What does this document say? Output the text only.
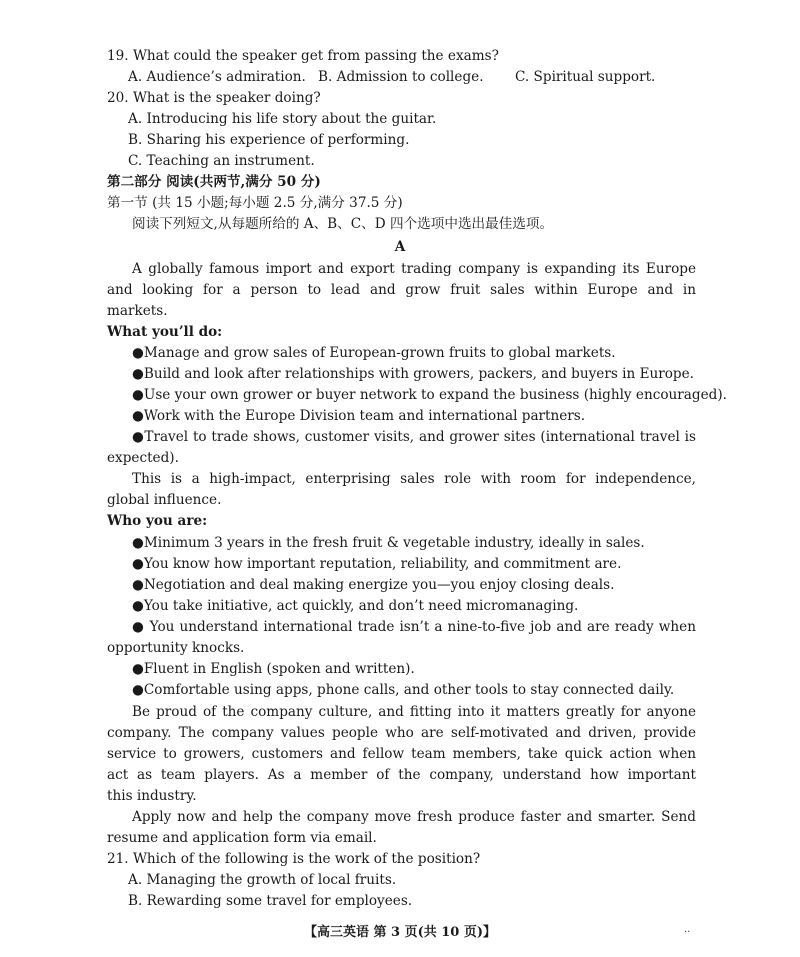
19. What could the speaker get from passing the exams?
A. Audience’s admiration. B. Admission to college. C. Spiritual support.
20. What is the speaker doing?
A. Introducing his life story about the guitar.
B. Sharing his experience of performing.
C. Teaching an instrument.
第二部分 阅读(共两节,满分 50 分)
第一节 (共 15 小题;每小题 2.5 分,满分 37.5 分)
阅读下列短文,从每题所给的 A、B、C、D 四个选项中选出最佳选项。
A
A globally famous import and export trading company is expanding its Europe
and looking for a person to lead and grow fruit sales within Europe and in
markets.
What you’ll do:
●Manage and grow sales of European-grown fruits to global markets.
●Build and look after relationships with growers, packers, and buyers in Europe.
●Use your own grower or buyer network to expand the business (highly encouraged).
●Work with the Europe Division team and international partners.
●Travel to trade shows, customer visits, and grower sites (international travel is
expected).
This is a high-impact, enterprising sales role with room for independence,
global influence.
Who you are:
●Minimum 3 years in the fresh fruit & vegetable industry, ideally in sales.
●You know how important reputation, reliability, and commitment are.
●Negotiation and deal making energize you—you enjoy closing deals.
●You take initiative, act quickly, and don’t need micromanaging.
● You understand international trade isn’t a nine-to-five job and are ready when
opportunity knocks.
●Fluent in English (spoken and written).
●Comfortable using apps, phone calls, and other tools to stay connected daily.
Be proud of the company culture, and fitting into it matters greatly for anyone
company. The company values people who are self-motivated and driven, provide
service to growers, customers and fellow team members, take quick action when
act as team players. As a member of the company, understand how important
this industry.
Apply now and help the company move fresh produce faster and smarter. Send
resume and application form via email.
21. Which of the following is the work of the position?
A. Managing the growth of local fruits.
B. Rewarding some travel for employees.
【高三英语 第 3 页(共 10 页)】	··
